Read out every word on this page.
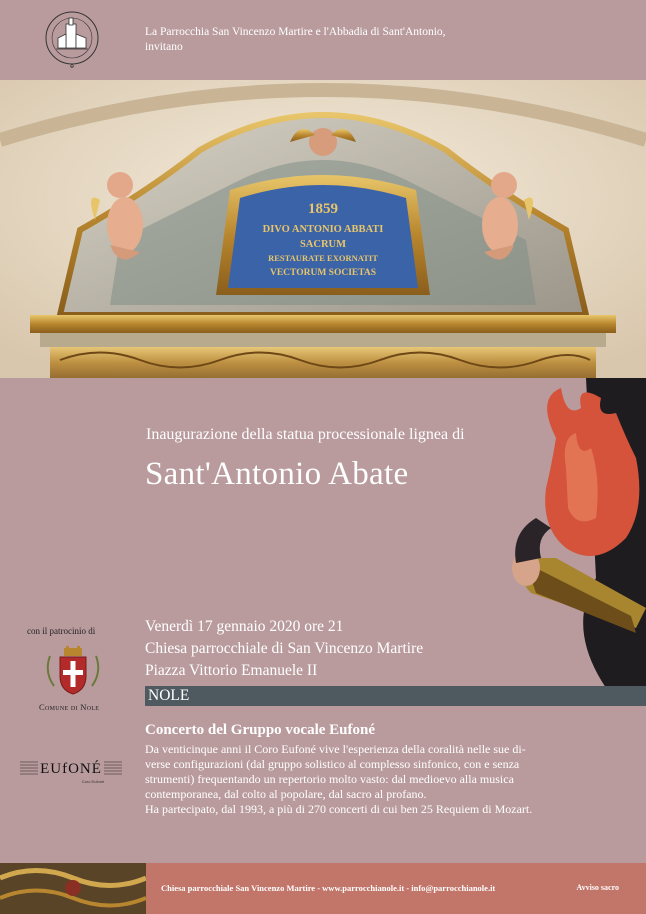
✠
La Parrocchia San Vincenzo Martire e l'Abbadia di Sant'Antonio,
invitano
1859
DIVO ANTONIO ABBATI
SACRUM
RESTAURATE EXORNATIT
VECTORUM SOCIETAS
Inaugurazione della statua processionale lignea di
Sant'Antonio Abate
Venerdì 17 gennaio 2020 ore 21
Chiesa parrocchiale di San Vincenzo Martire
Piazza Vittorio Emanuele II
NOLE
con il patrocinio di
Comune di Nole
EUfONÉ
Coro Eufoné
Concerto del Gruppo vocale Eufoné

Da venticinque anni il Coro Eufoné vive l'esperienza della coralità nelle sue di-

verse configurazioni (dal gruppo solistico al complesso sinfonico, con e senza

strumenti) frequentando un repertorio molto vasto: dal medioevo alla musica

contemporanea, dal colto al popolare, dal sacro al profano.

Ha partecipato, dal 1993, a più di 270 concerti di cui ben 25 Requiem di Mozart.

Chiesa parrocchiale San Vincenzo Martire - www.parrocchianole.it - info@parrocchianole.it	Avviso sacro
